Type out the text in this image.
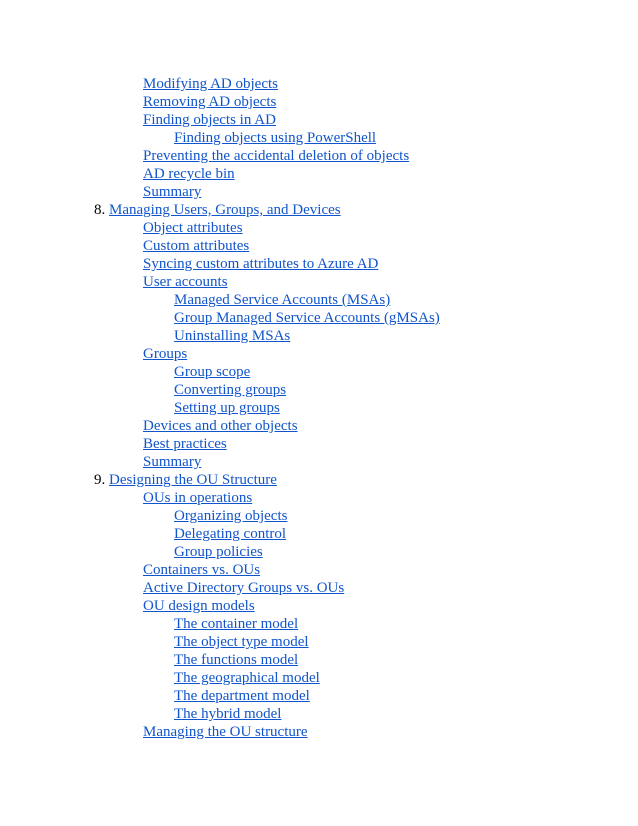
Modifying AD objects
Removing AD objects
Finding objects in AD
Finding objects using PowerShell
Preventing the accidental deletion of objects
AD recycle bin
Summary
8. Managing Users, Groups, and Devices
Object attributes
Custom attributes
Syncing custom attributes to Azure AD
User accounts
Managed Service Accounts (MSAs)
Group Managed Service Accounts (gMSAs)
Uninstalling MSAs
Groups
Group scope
Converting groups
Setting up groups
Devices and other objects
Best practices
Summary
9. Designing the OU Structure
OUs in operations
Organizing objects
Delegating control
Group policies
Containers vs. OUs
Active Directory Groups vs. OUs
OU design models
The container model
The object type model
The functions model
The geographical model
The department model
The hybrid model
Managing the OU structure
